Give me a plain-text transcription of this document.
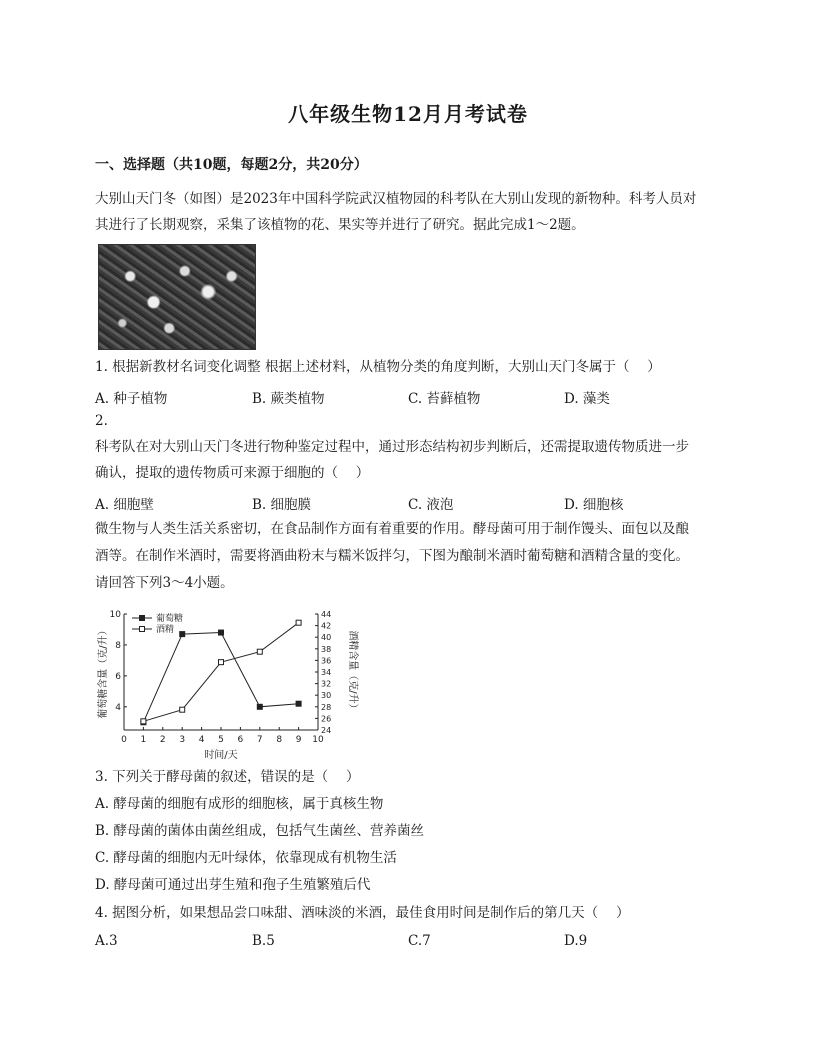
八年级生物12月月考试卷
一、选择题（共10题，每题2分，共20分）
大别山天门冬（如图）是2023年中国科学院武汉植物园的科考队在大别山发现的新物种。科考人员对
其进行了长期观察，采集了该植物的花、果实等并进行了研究。据此完成1～2题。
1. 根据新教材名词变化调整 根据上述材料，从植物分类的角度判断，大别山天门冬属于（　 ）
A. 种子植物	B. 蕨类植物	C. 苔藓植物	D. 藻类
2.
科考队在对大别山天门冬进行物种鉴定过程中，通过形态结构初步判断后，还需提取遗传物质进一步
确认，提取的遗传物质可来源于细胞的（　 ）
A. 细胞壁	B. 细胞膜	C. 液泡	D. 细胞核
微生物与人类生活关系密切，在食品制作方面有着重要的作用。酵母菌可用于制作馒头、面包以及酿
酒等。在制作米酒时，需要将酒曲粉末与糯米饭拌匀，下图为酿制米酒时葡萄糖和酒精含量的变化。
请回答下列3～4小题。
0 1 2 3 4 5 6 7 8 9 10
4
6
8
10
24
26
28
30
32
34
36
38
40
42
44
时间/天
葡萄糖含量（克/升）	酒精含量（克/升）
葡萄糖
酒精
3. 下列关于酵母菌的叙述，错误的是（　 ）
A. 酵母菌的细胞有成形的细胞核，属于真核生物
B. 酵母菌的菌体由菌丝组成，包括气生菌丝、营养菌丝
C. 酵母菌的细胞内无叶绿体，依靠现成有机物生活
D. 酵母菌可通过出芽生殖和孢子生殖繁殖后代
4. 据图分析，如果想品尝口味甜、酒味淡的米酒，最佳食用时间是制作后的第几天（　 ）
A.3	B.5	C.7	D.9
